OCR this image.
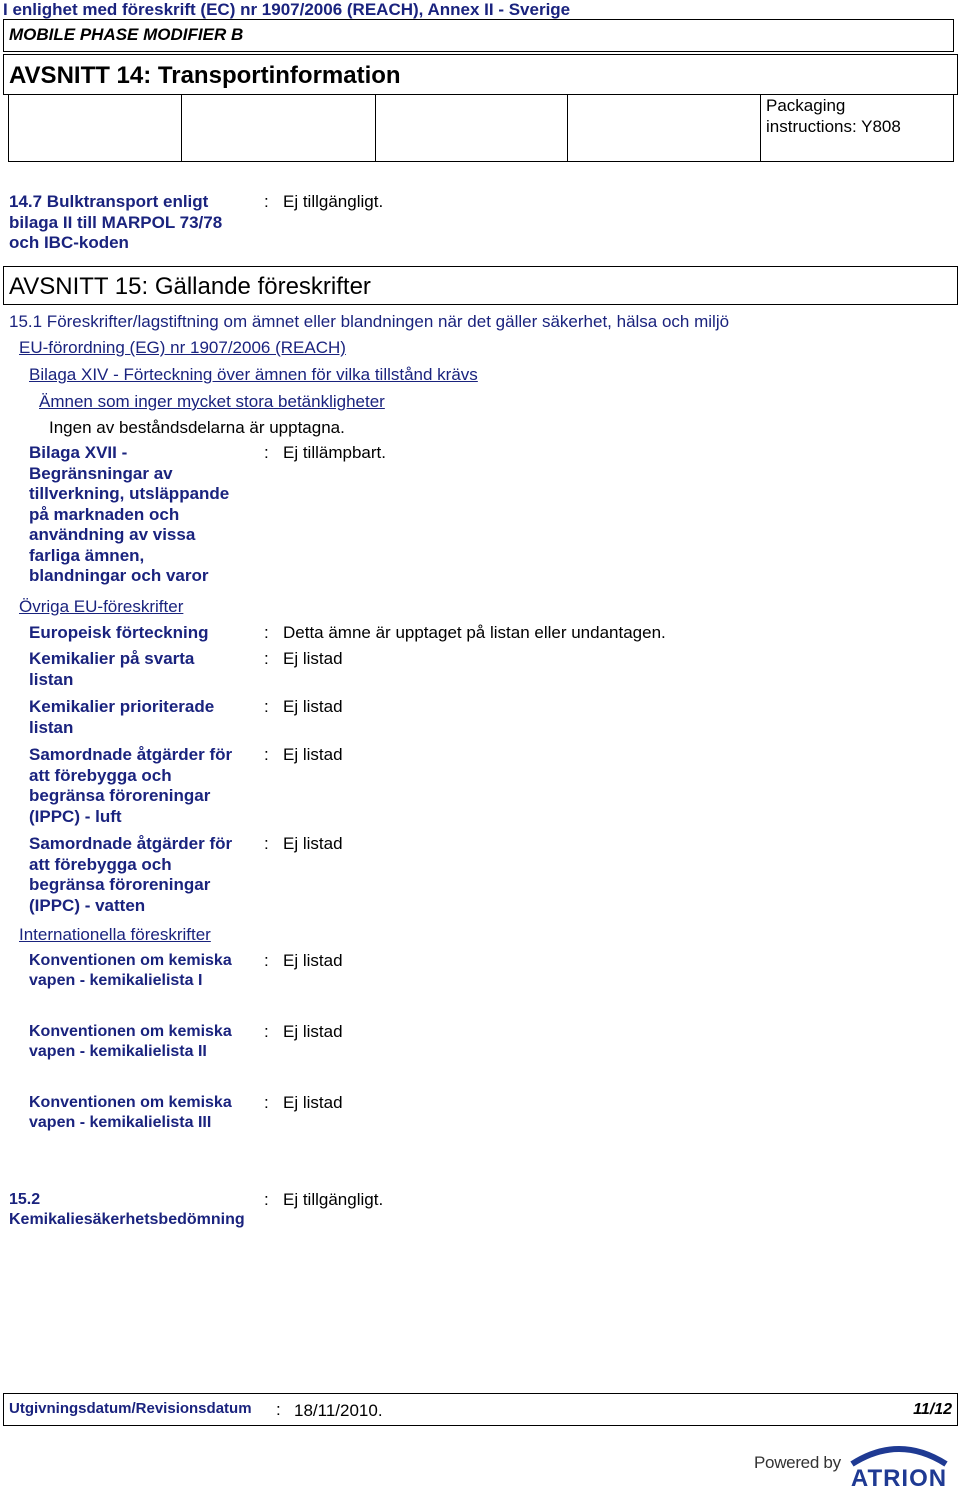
I enlighet med föreskrift (EC) nr 1907/2006 (REACH), Annex II - Sverige
MOBILE PHASE MODIFIER B
AVSNITT 14: Transportinformation
Packaging instructions: Y808
14.7 Bulktransport enligt bilaga II till MARPOL 73/78 och IBC-koden
: Ej tillgängligt.
AVSNITT 15: Gällande föreskrifter
15.1 Föreskrifter/lagstiftning om ämnet eller blandningen när det gäller säkerhet, hälsa och miljö
EU-förordning (EG) nr 1907/2006 (REACH)
Bilaga XIV - Förteckning över ämnen för vilka tillstånd krävs
Ämnen som inger mycket stora betänkligheter
Ingen av beståndsdelarna är upptagna.
Bilaga XVII -
Begränsningar av
tillverkning, utsläppande
på marknaden och
användning av vissa
farliga ämnen,
blandningar och varor
: Ej tillämpbart.
Övriga EU-föreskrifter
Europeisk förteckning	: Detta ämne är upptaget på listan eller undantagen.
Kemikalier på svarta
listan
: Ej listad
Kemikalier prioriterade
listan
: Ej listad
Samordnade åtgärder för
att förebygga och
begränsa föroreningar
(IPPC) - luft
: Ej listad
Samordnade åtgärder för
att förebygga och
begränsa föroreningar
(IPPC) - vatten
: Ej listad
Internationella föreskrifter
Konventionen om kemiska
vapen - kemikalielista I
: Ej listad
Konventionen om kemiska
vapen - kemikalielista II
: Ej listad
Konventionen om kemiska
vapen - kemikalielista III
: Ej listad
15.2
Kemikaliesäkerhetsbedömning
: Ej tillgängligt.
Utgivningsdatum/Revisionsdatum : 18/11/2010.	11/12
Powered by
ATRION
